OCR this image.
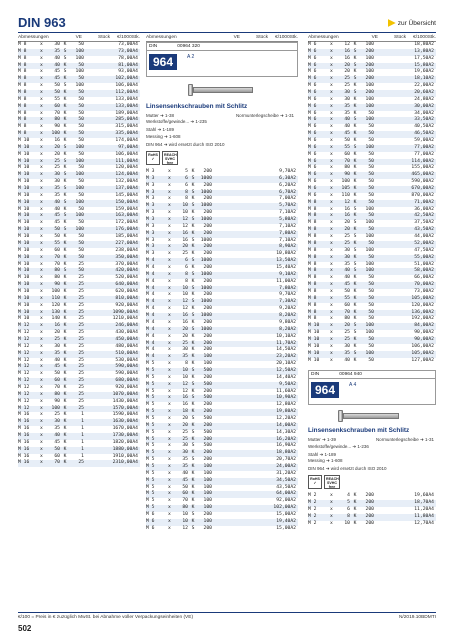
DIN 963	zur Übersicht
Abmessungen	VE	Stück	€/1000Stk.
M 8	x	30 K	50	73,00A4
M 8	x	35 S	100	73,00A4
M 8	x	40 S	100	78,00A4
M 8	x	40 K	50	81,00A4
M 8	x	45 S	100	93,00A4
M 8	x	45 K	50	102,00A4
M 8	x	50 S	100	106,00A4
M 8	x	50 K	50	112,00A4
M 8	x	55 K	50	133,00A4
M 8	x	60 K	50	133,00A4
M 8	x	70 K	50	189,00A4
M 8	x	80 K	50	285,00A4
M 8	x	90 K	50	315,00A4
M 8	x	100 K	50	335,00A4
M 10	x	16 K	50	174,00A4
M 10	x	20 S	100	97,00A4
M 10	x	20 K	50	106,00A4
M 10	x	25 S	100	111,00A4
M 10	x	25 K	50	120,00A4
M 10	x	30 S	100	124,00A4
M 10	x	30 K	50	132,00A4
M 10	x	35 S	100	137,00A4
M 10	x	35 K	50	145,00A4
M 10	x	40 S	100	150,00A4
M 10	x	40 K	50	159,00A4
M 10	x	45 S	100	163,00A4
M 10	x	45 K	50	172,00A4
M 10	x	50 S	100	176,00A4
M 10	x	50 K	50	185,00A4
M 10	x	55 K	50	227,00A4
M 10	x	60 K	50	238,00A4
M 10	x	70 K	50	350,00A4
M 10	x	70 K	25	370,00A4
M 10	x	80 S	50	420,00A4
M 10	x	80 K	25	520,00A4
M 10	x	90 K	25	640,00A4
M 10	x	100 K	25	620,00A4
M 10	x	110 K	25	810,00A4
M 10	x	120 K	25	920,00A4
M 10	x	130 K	25	1090,00A4
M 10	x	140 K	25	1210,00A4
M 12	x	16 K	25	246,00A4
M 12	x	20 K	25	430,00A4
M 12	x	25 K	25	450,00A4
M 12	x	30 K	25	480,00A4
M 12	x	35 K	25	510,00A4
M 12	x	40 K	25	530,00A4
M 12	x	45 K	25	590,00A4
M 12	x	50 K	25	590,00A4
M 12	x	60 K	25	680,00A4
M 12	x	70 K	25	920,00A4
M 12	x	80 K	25	1070,00A4
M 12	x	90 K	25	1430,00A4
M 12	x	100 K	25	1570,00A4
M 16	x	25 K	1	1590,00A4
M 16	x	30 K	1	1630,00A4
M 16	x	35 K	1	1670,00A4
M 16	x	40 K	1	1730,00A4
M 16	x	45 K	1	1820,00A4
M 16	x	50 K	1	1880,00A4
M 16	x	60 K	1	1910,00A4
M 16	x	70 K	25	2310,00A4
Abmessungen	VE	Stück	€/1000Stk.
DIN	00964 320
964	A 2
Linsensenkschrauben mit Schlitz
Mutter ➜ 1-38	Normunterlegscheibe ➜ 1-31
Werkstoffe/gewinde... ➜ 1-235
Stahl ➜ 1-189
Messing ➜ 1-608
DIN 964 ➜ wird ersetzt durch ISO 2010
RoHS ✓
REACH SVHC free
M 3	x	5 K	200	9,70A2
M 3	x	6 S	1000	6,30A2
M 3	x	6 K	200	6,20A2
M 3	x	8 S	1000	6,70A2
M 3	x	8 K	200	7,00A2
M 3	x	10 S	1000	5,70A2
M 3	x	10 K	200	7,10A2
M 3	x	12 S	1000	5,80A2
M 3	x	12 K	200	7,10A2
M 3	x	16 K	200	7,80A2
M 3	x	16 S	1000	7,10A2
M 3	x	20 K	200	8,90A2
M 3	x	25 K	200	10,80A2
M 4	x	6 S	1000	13,50A2
M 4	x	6 K	200	15,40A2
M 4	x	8 S	1000	9,10A2
M 4	x	8 K	200	11,00A2
M 4	x	10 S	1000	7,80A2
M 4	x	10 K	200	9,70A2
M 4	x	12 S	1000	7,30A2
M 4	x	12 K	200	9,20A2
M 4	x	16 S	1000	8,20A2
M 4	x	16 K	200	9,80A2
M 4	x	20 S	1000	8,20A2
M 4	x	20 K	200	10,10A2
M 4	x	25 K	200	11,70A2
M 4	x	30 K	200	14,50A2
M 4	x	35 K	100	23,20A2
M 5	x	8 K	100	20,10A2
M 5	x	10 S	500	12,50A2
M 5	x	10 K	200	14,40A2
M 5	x	12 S	500	9,50A2
M 5	x	12 K	200	11,60A2
M 5	x	16 S	500	10,90A2
M 5	x	16 K	200	12,80A2
M 5	x	18 K	200	19,80A2
M 5	x	20 S	500	12,20A2
M 5	x	20 K	200	14,00A2
M 5	x	25 S	500	14,30A2
M 5	x	25 K	200	16,20A2
M 5	x	30 S	500	16,90A2
M 5	x	30 K	200	18,80A2
M 5	x	35 S	200	20,70A2
M 5	x	35 K	100	24,00A2
M 5	x	40 K	100	31,20A2
M 5	x	45 K	100	34,50A2
M 5	x	50 K	100	43,50A2
M 5	x	60 K	100	64,00A2
M 5	x	70 K	100	92,00A2
M 5	x	80 K	100	102,00A2
M 6	x	10 S	200	15,00A2
M 6	x	10 K	100	19,40A2
M 6	x	12 S	200	15,00A2
Abmessungen	VE	Stück	€/1000Stk.
M 6	x	12 K	100	18,80A2
M 6	x	16 S	200	13,80A2
M 6	x	16 K	100	17,50A2
M 6	x	20 S	200	15,80A2
M 6	x	20 K	100	19,60A2
M 6	x	25 S	200	18,10A2
M 6	x	25 K	100	22,00A2
M 6	x	30 S	200	20,60A2
M 6	x	30 K	100	24,80A2
M 6	x	35 K	100	30,00A2
M 6	x	35 K	50	34,00A2
M 6	x	40 S	100	33,50A2
M 6	x	40 K	50	40,50A2
M 6	x	45 K	50	46,50A2
M 6	x	50 K	50	59,00A2
M 6	x	55 S	100	77,00A2
M 6	x	60 K	50	77,00A2
M 6	x	70 K	50	114,00A2
M 6	x	80 K	50	155,00A2
M 6	x	90 K	50	465,00A2
M 6	x	100 K	50	590,00A2
M 6	x	105 K	50	670,00A2
M 6	x	110 K	50	870,00A2
M 8	x	12 K	50	71,00A2
M 8	x	16 S	100	36,00A2
M 8	x	16 K	50	42,50A2
M 8	x	20 S	100	37,50A2
M 8	x	20 K	50	43,50A2
M 8	x	25 S	100	44,00A2
M 8	x	25 K	50	52,00A2
M 8	x	30 S	100	47,50A2
M 8	x	30 K	50	55,00A2
M 8	x	35 S	100	51,00A2
M 8	x	40 S	100	58,00A2
M 8	x	40 K	50	66,00A2
M 8	x	45 K	50	70,00A2
M 8	x	50 K	50	73,00A2
M 8	x	55 K	50	105,00A2
M 8	x	60 K	50	120,00A2
M 8	x	70 K	50	136,00A2
M 8	x	80 K	50	192,00A2
M 10	x	20 S	100	84,00A2
M 10	x	25 S	100	90,00A2
M 10	x	25 K	50	90,00A2
M 10	x	30 K	50	106,00A2
M 10	x	35 S	100	105,00A2
M 10	x	40 K	50	127,00A2
DIN	00964 940
964	A 4
Linsensenkschrauben mit Schlitz
Mutter ➜ 1-39	Normunterlegscheibe ➜ 1-31
Werkstoffe/gewinde... ➜ 1-236
Stahl ➜ 1-189
Messing ➜ 1-608
DIN 964 ➜ wird ersetzt durch ISO 2010
RoHS ✓
REACH SVHC free
M 2	x	4 K	200	19,60A4
M 2	x	5 K	200	18,70A4
M 2	x	6 K	200	11,20A4
M 2	x	8 K	200	11,80A4
M 2	x	10 K	200	12,70A4
€/100 = Preis in € zuzüglich MwSt. bei Abnahme voller Verpackungseinheiten (VE)	N/2019.10BDMTI
502
